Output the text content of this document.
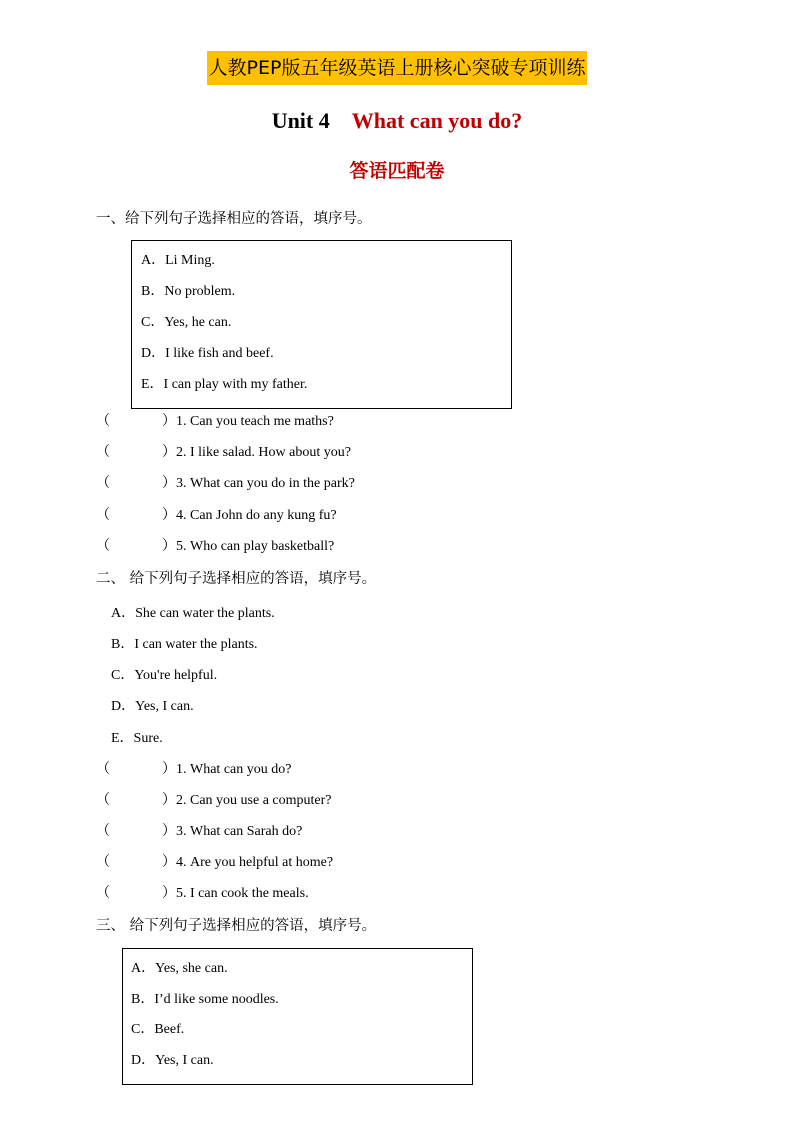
人教PEP版五年级英语上册核心突破专项训练
Unit 4 What can you do?
答语匹配卷
一、给下列句子选择相应的答语，填序号。
A．Li Ming.
B．No problem.
C．Yes, he can.
D．I like fish and beef.
E．I can play with my father.
（	）1. Can you teach me maths?
（	）2. I like salad. How about you?
（	）3. What can you do in the park?
（	）4. Can John do any kung fu?
（	）5. Who can play basketball?
二、 给下列句子选择相应的答语，填序号。
A．She can water the plants.
B．I can water the plants.
C．You're helpful.
D．Yes, I can.
E．Sure.
（	）1. What can you do?
（	）2. Can you use a computer?
（	）3. What can Sarah do?
（	）4. Are you helpful at home?
（	）5. I can cook the meals.
三、 给下列句子选择相应的答语，填序号。
A．Yes, she can.
B．I’d like some noodles.
C．Beef.
D．Yes, I can.
